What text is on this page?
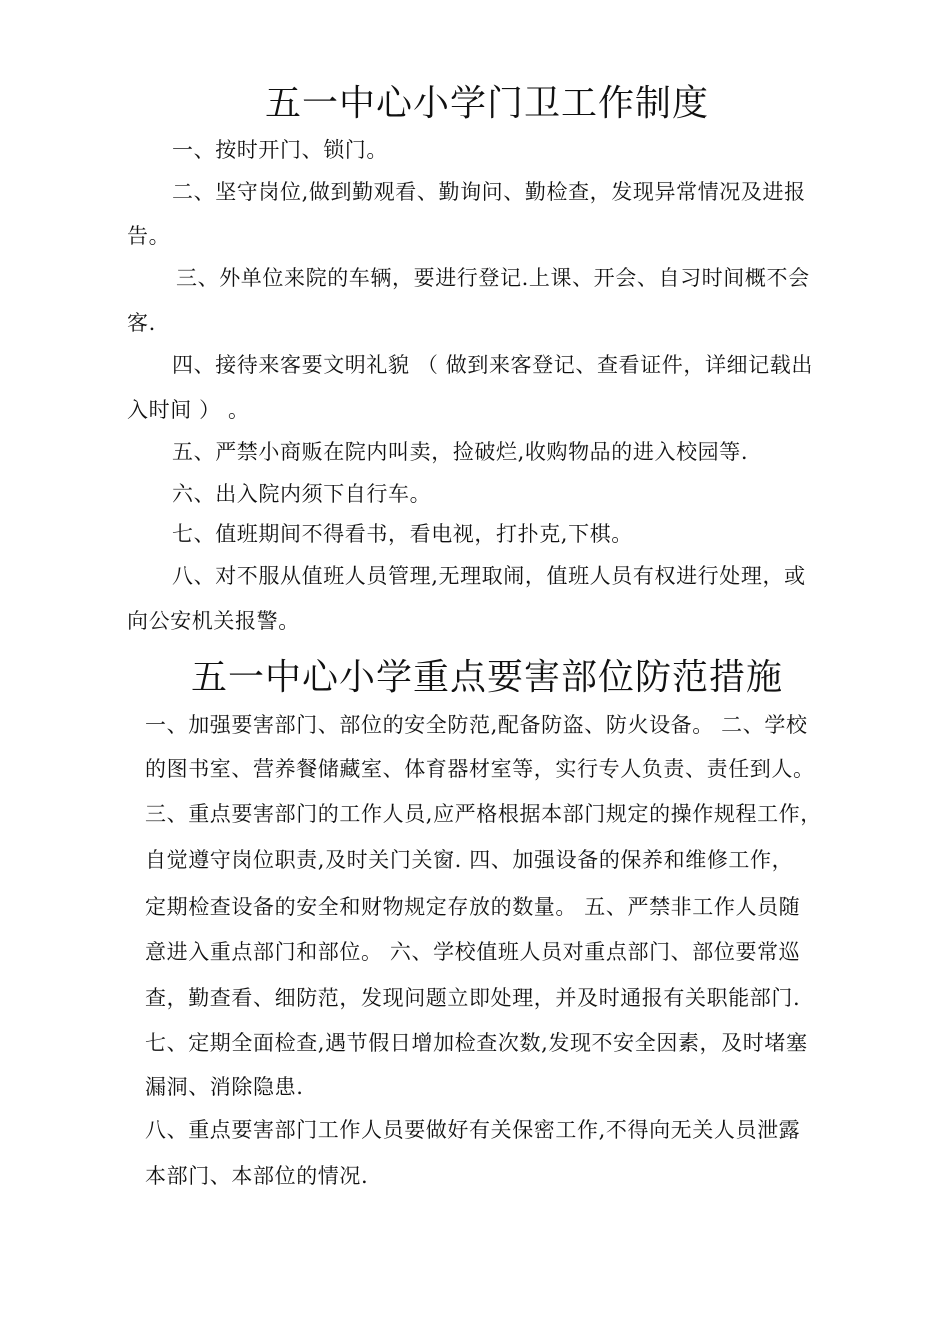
五一中心小学门卫工作制度

一、按时开门、锁门。

二、坚守岗位,做到勤观看、勤询问、勤检查，发现异常情况及进报

告。

三、外单位来院的车辆，要进行登记.上课、开会、自习时间概不会

客.

四、接待来客要文明礼貌 （ 做到来客登记、查看证件，详细记载出

入时间 ） 。

五、严禁小商贩在院内叫卖，捡破烂,收购物品的进入校园等.

六、出入院内须下自行车。

七、值班期间不得看书，看电视，打扑克,下棋。

八、对不服从值班人员管理,无理取闹，值班人员有权进行处理，或

向公安机关报警。

五一中心小学重点要害部位防范措施

一、加强要害部门、部位的安全防范,配备防盗、防火设备。 二、学校

的图书室、营养餐储藏室、体育器材室等，实行专人负责、责任到人。

三、重点要害部门的工作人员,应严格根据本部门规定的操作规程工作，

自觉遵守岗位职责,及时关门关窗. 四、加强设备的保养和维修工作，

定期检查设备的安全和财物规定存放的数量。 五、严禁非工作人员随

意进入重点部门和部位。 六、学校值班人员对重点部门、部位要常巡

查，勤查看、细防范，发现问题立即处理，并及时通报有关职能部门.

七、定期全面检查,遇节假日增加检查次数,发现不安全因素，及时堵塞

漏洞、消除隐患.

八、重点要害部门工作人员要做好有关保密工作,不得向无关人员泄露

本部门、本部位的情况.
